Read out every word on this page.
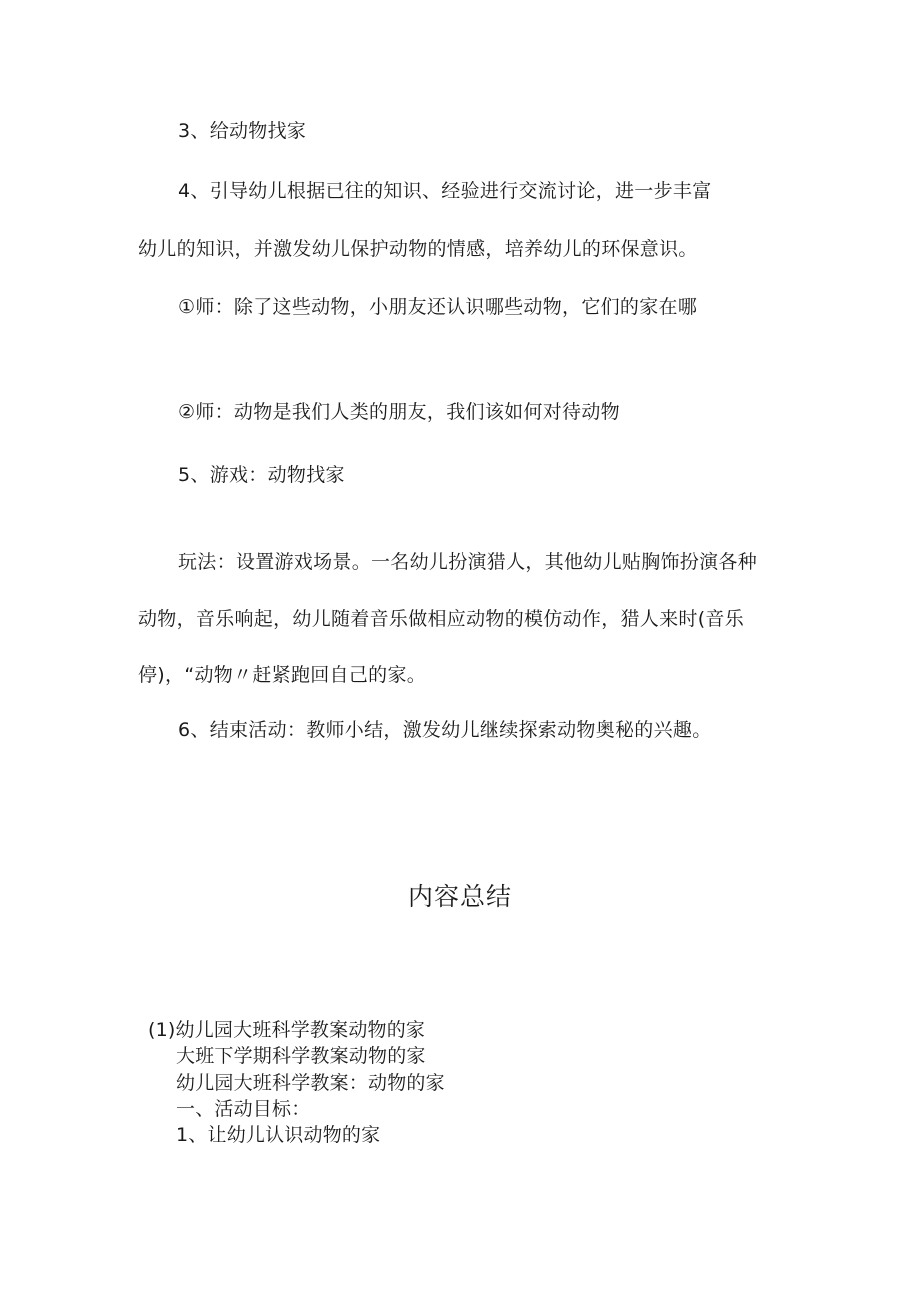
3、给动物找家
4、引导幼儿根据已往的知识、经验进行交流讨论，进一步丰富
幼儿的知识，并激发幼儿保护动物的情感，培养幼儿的环保意识。
①师：除了这些动物，小朋友还认识哪些动物，它们的家在哪
②师：动物是我们人类的朋友，我们该如何对待动物
5、游戏：动物找家
玩法：设置游戏场景。一名幼儿扮演猎人，其他幼儿贴胸饰扮演各种
动物，音乐响起，幼儿随着音乐做相应动物的模仿动作，猎人来时(音乐
停)，“动物〃赶紧跑回自己的家。
6、结束活动：教师小结，激发幼儿继续探索动物奥秘的兴趣。
内容总结
(1)幼儿园大班科学教案动物的家
大班下学期科学教案动物的家
幼儿园大班科学教案：动物的家
一、活动目标：
1、让幼儿认识动物的家
